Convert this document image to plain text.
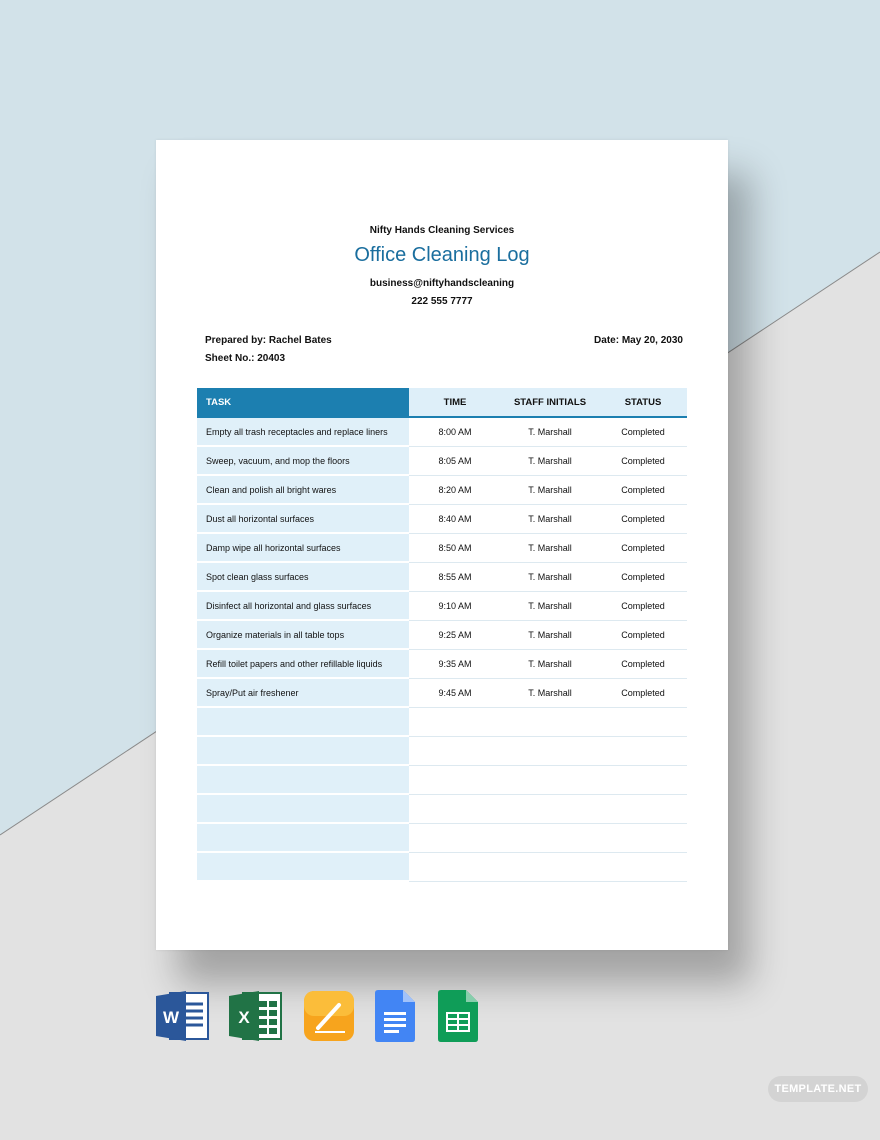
Nifty Hands Cleaning Services
Office Cleaning Log
business@niftyhandscleaning
222 555 7777
Prepared by: Rachel Bates
Sheet No.: 20403
Date: May 20, 2030
TASK	TIME	STAFF INITIALS	STATUS
Empty all trash receptacles and replace liners	8:00 AM	T. Marshall	Completed
Sweep, vacuum, and mop the floors	8:05 AM	T. Marshall	Completed
Clean and polish all bright wares	8:20 AM	T. Marshall	Completed
Dust all horizontal surfaces	8:40 AM	T. Marshall	Completed
Damp wipe all horizontal surfaces	8:50 AM	T. Marshall	Completed
Spot clean glass surfaces	8:55 AM	T. Marshall	Completed
Disinfect all horizontal and glass surfaces	9:10 AM	T. Marshall	Completed
Organize materials in all table tops	9:25 AM	T. Marshall	Completed
Refill toilet papers and other refillable liquids	9:35 AM	T. Marshall	Completed
Spray/Put air freshener	9:45 AM	T. Marshall	Completed

W	X
TEMPLATE.NET
